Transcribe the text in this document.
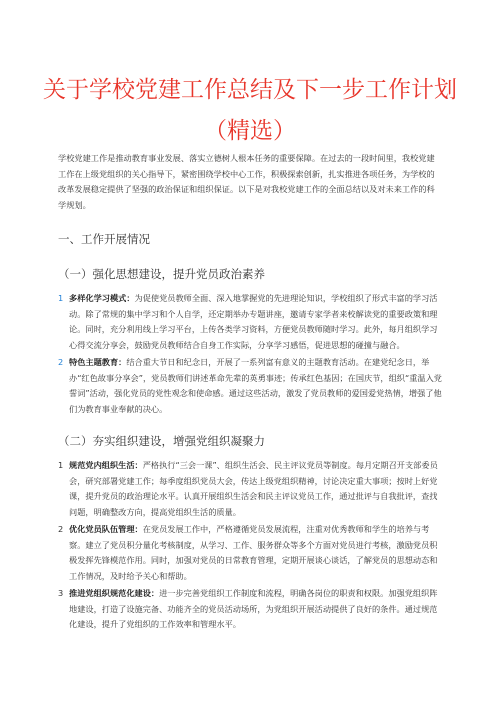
关于学校党建工作总结及下一步工作计划（精选）

学校党建工作是推动教育事业发展、落实立德树人根本任务的重要保障。在过去的一段时间里，我校党建工作在上级党组织的关心指导下，紧密围绕学校中心工作，积极探索创新，扎实推进各项任务，为学校的改革发展稳定提供了坚强的政治保证和组织保证。以下是对我校党建工作的全面总结以及对未来工作的科学规划。

一、工作开展情况
（一）强化思想建设，提升党员政治素养
1 多样化学习模式：为促使党员教师全面、深入地掌握党的先进理论知识，学校组织了形式丰富的学习活动。除了常规的集中学习和个人自学，还定期举办专题讲座，邀请专家学者来校解读党的重要政策和理论。同时，充分利用线上学习平台，上传各类学习资料，方便党员教师随时学习。此外，每月组织学习心得交流分享会，鼓励党员教师结合自身工作实际，分享学习感悟，促进思想的碰撞与融合。
2 特色主题教育：结合重大节日和纪念日，开展了一系列富有意义的主题教育活动。在建党纪念日，举办“红色故事分享会”，党员教师们讲述革命先辈的英勇事迹；传承红色基因；在国庆节，组织“重温入党誓词”活动，强化党员的党性观念和使命感。通过这些活动，激发了党员教师的爱国爱党热情，增强了他们为教育事业奉献的决心。
（二）夯实组织建设，增强党组织凝聚力
1 规范党内组织生活：严格执行“三会一课”、组织生活会、民主评议党员等制度。每月定期召开支部委员会，研究部署党建工作；每季度组织党员大会，传达上级党组织精神，讨论决定重大事项；按时上好党课，提升党员的政治理论水平。认真开展组织生活会和民主评议党员工作，通过批评与自我批评，查找问题，明确整改方向，提高党组织生活的质量。
2 优化党员队伍管理：在党员发展工作中，严格遵循党员发展流程，注重对优秀教师和学生的培养与考察。建立了党员积分量化考核制度，从学习、工作、服务群众等多个方面对党员进行考核，激励党员积极发挥先锋模范作用。同时，加强对党员的日常教育管理，定期开展谈心谈话，了解党员的思想动态和工作情况，及时给予关心和帮助。
3 推进党组织规范化建设：进一步完善党组织工作制度和流程，明确各岗位的职责和权限。加强党组织阵地建设，打造了设施完备、功能齐全的党员活动场所，为党组织开展活动提供了良好的条件。通过规范化建设，提升了党组织的工作效率和管理水平。
